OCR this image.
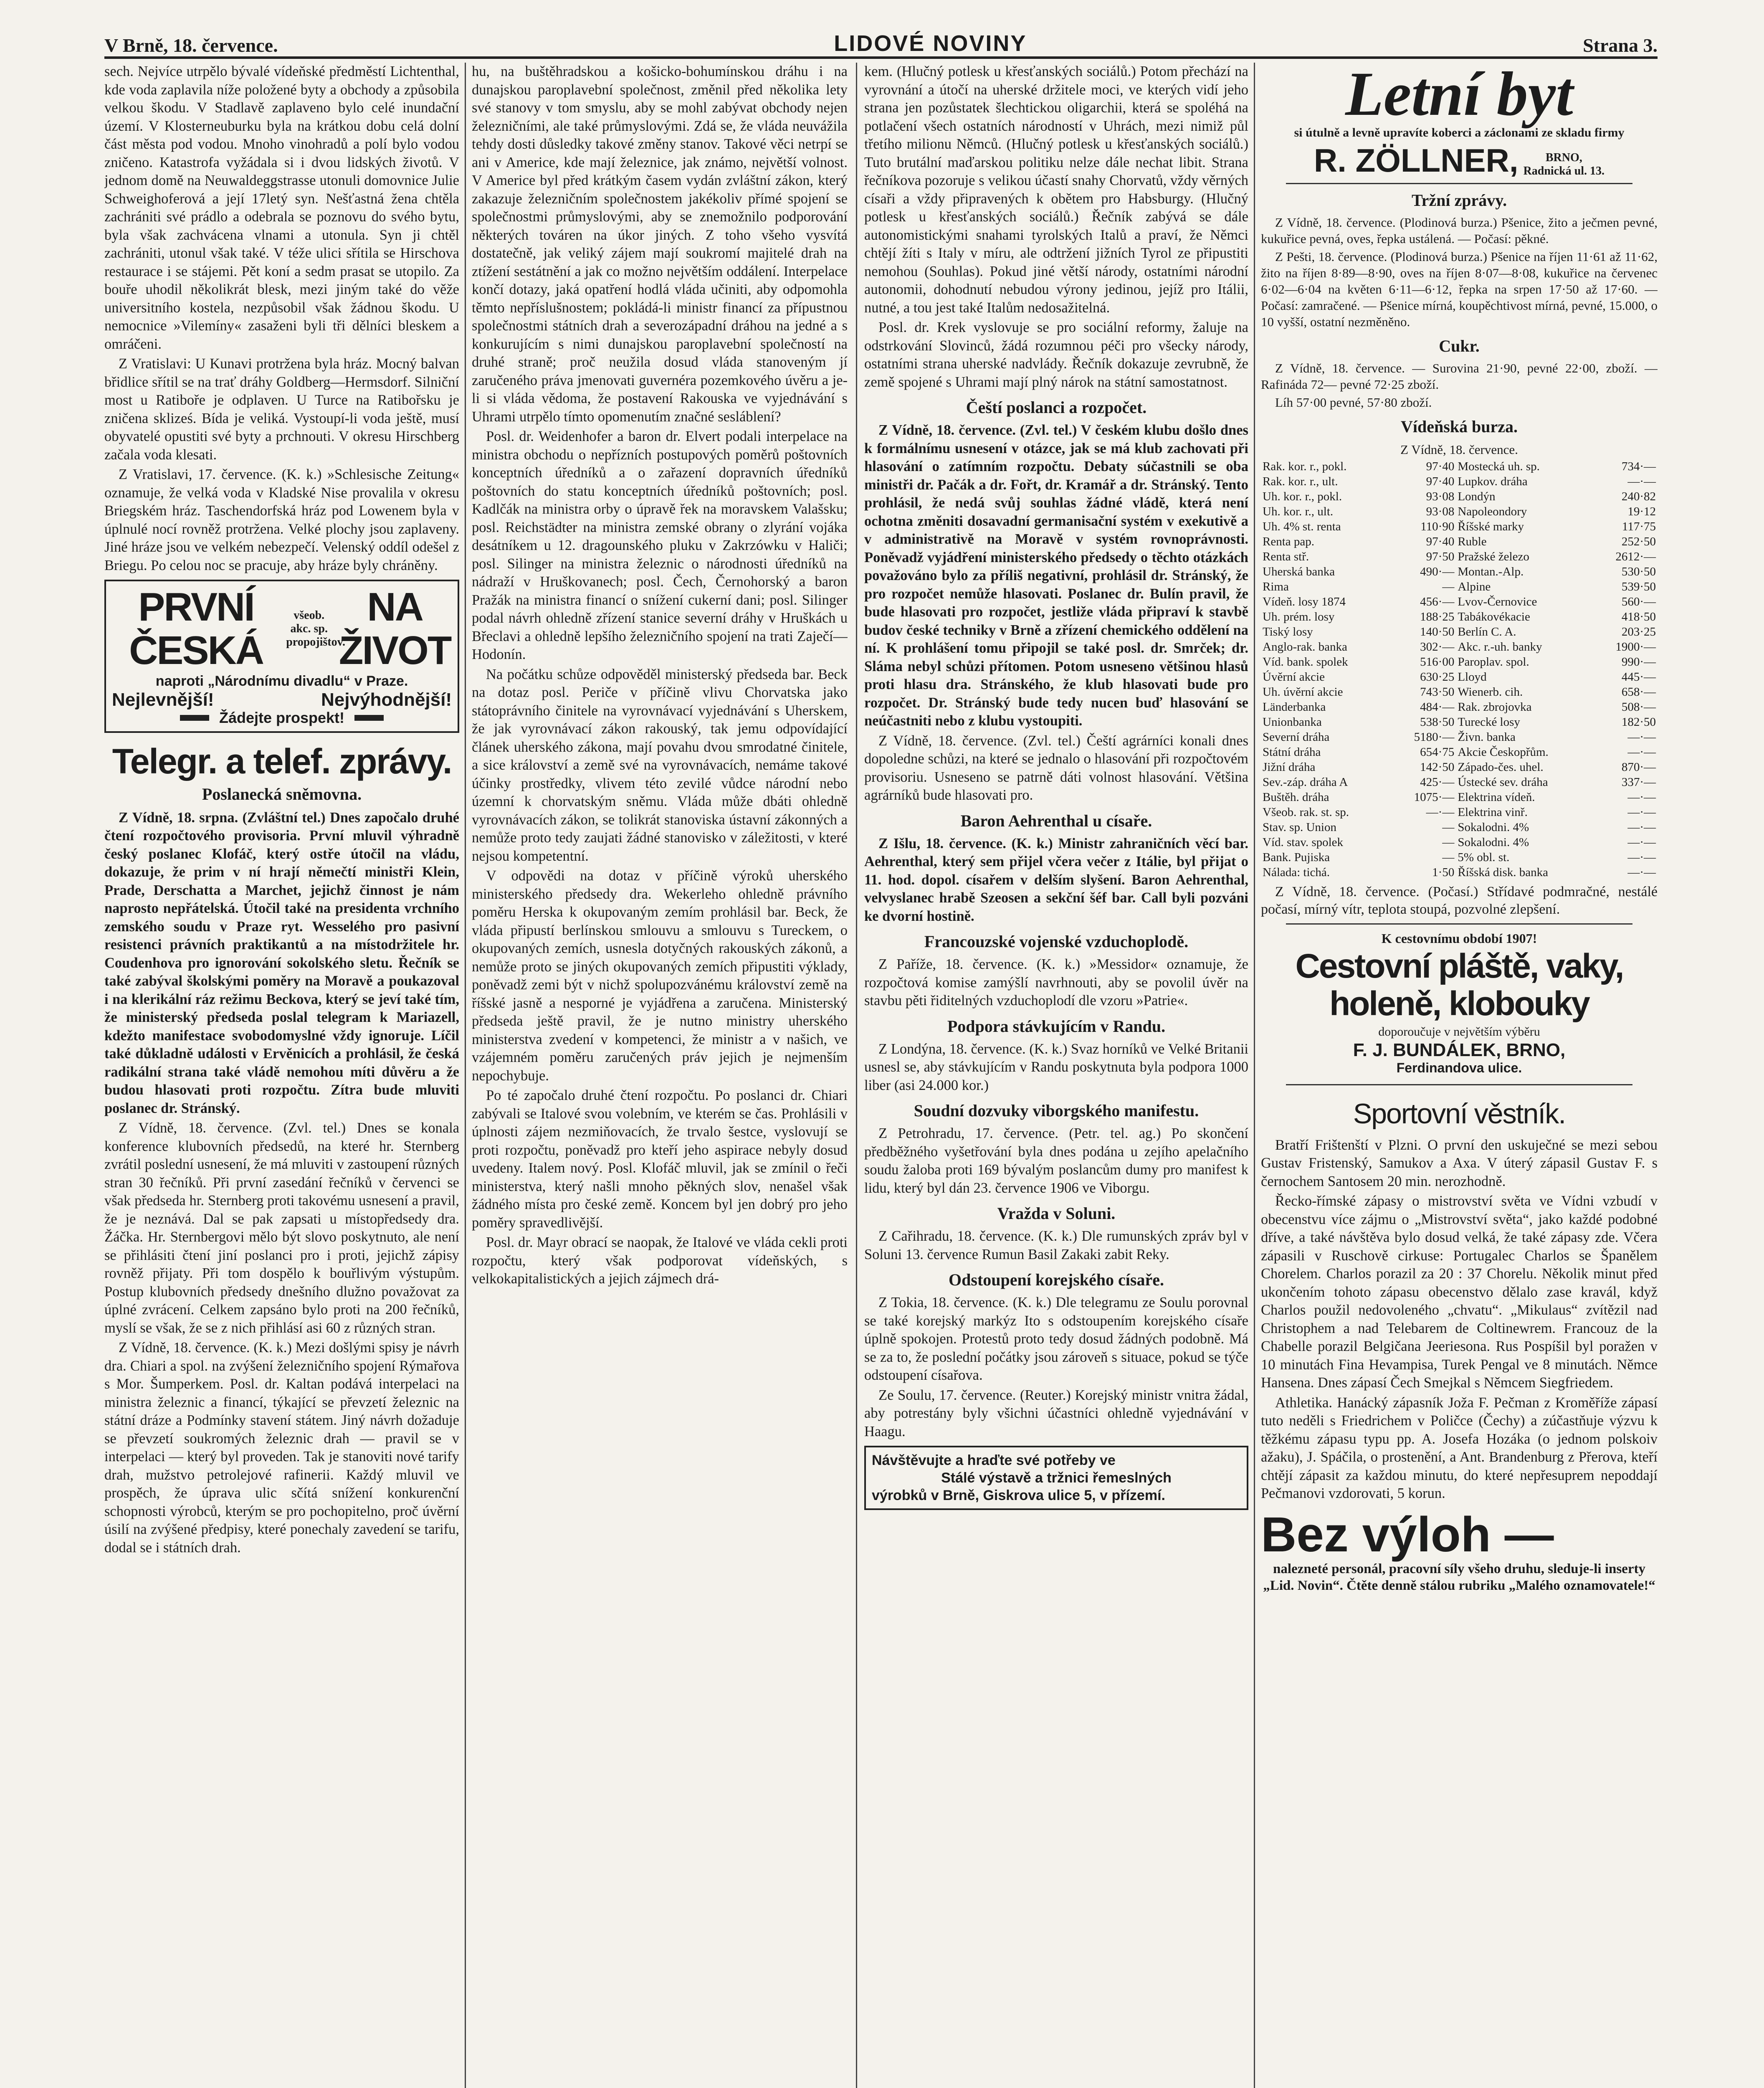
V Brně, 18. července.	LIDOVÉ NOVINY	Strana 3.

sech. Nejvíce utrpělo bývalé vídeňské předměstí Lichtenthal, kde voda zaplavila níže položené byty a obchody a způsobila velkou škodu. V Stadlavě zaplaveno bylo celé inundační území. V Klosterneuburku byla na krátkou dobu celá dolní část města pod vodou. Mnoho vinohradů a polí bylo vodou zničeno. Katastrofa vyžádala si i dvou lidských životů. V jednom domě na Neuwaldeggstrasse utonuli domovnice Julie Schweighoferová a její 17letý syn. Nešťastná žena chtěla zachrániti své prádlo a odebrala se poznovu do svého bytu, byla však zachvácena vlnami a utonula. Syn ji chtěl zachrániti, utonul však také. V téže ulici sřítila se Hirschova restaurace i se stájemi. Pět koní a sedm prasat se utopilo. Za bouře uhodil několikrát blesk, mezi jiným také do věže universitního kostela, nezpůsobil však žádnou škodu. U nemocnice »Vilemíny« zasaženi byli tři dělníci bleskem a omráčeni.

Z Vratislavi: U Kunavi protržena byla hráz. Mocný balvan břidlice sřítil se na trať dráhy Goldberg—Hermsdorf. Silniční most u Ratiboře je odplaven. U Turce na Ratibořsku je zničena skliześ. Bída je veliká. Vystoupí-li voda ještě, musí obyvatelé opustiti své byty a prchnouti. V okresu Hirschberg začala voda klesati.

Z Vratislavi, 17. července. (K. k.) »Schlesische Zeitung« oznamuje, že velká voda v Kladské Nise provalila v okresu Briegském hráz. Taschendorfská hráz pod Lowenem byla v úplnulé nocí rovněž protržena. Velké plochy jsou zaplaveny. Jiné hráze jsou ve velkém nebezpečí. Velenský oddíl odešel z Briegu. Po celou noc se pracuje, aby hráze byly chráněny.

PRVNÍ ČESKÁ
všeob. akc. sp. propojištov.
NA ŽIVOT
naproti „Národnímu divadlu“ v Praze.
Nejlevnější!	Nejvýhodnější!
Žádejte prospekt!
Telegr. a telef. zprávy.
Poslanecká sněmovna.

Z Vídně, 18. srpna. (Zvláštní tel.) Dnes započalo druhé čtení rozpočtového provisoria. První mluvil výhradně český poslanec Klofáč, který ostře útočil na vládu, dokazuje, že prim v ní hrají němečtí ministři Klein, Prade, Derschatta a Marchet, jejichž činnost je nám naprosto nepřátelská. Útočil také na presidenta vrchního zemského soudu v Praze ryt. Wesselého pro pasivní resistenci právních praktikantů a na místodržitele hr. Coudenhova pro ignorování sokolského sletu. Řečník se také zabýval školskými poměry na Moravě a poukazoval i na klerikální ráz režimu Beckova, který se jeví také tím, že ministerský předseda poslal telegram k Mariazell, kdežto manifestace svobodomyslné vždy ignoruje. Líčil také důkladně události v Ervěnicích a prohlásil, že česká radikální strana také vládě nemohou míti důvěru a že budou hlasovati proti rozpočtu. Zítra bude mluviti poslanec dr. Stránský.

Z Vídně, 18. července. (Zvl. tel.) Dnes se konala konference klubovních předsedů, na které hr. Sternberg zvrátil poslední usnesení, že má mluviti v zastoupení různých stran 30 řečníků. Při první zasedání řečníků v červenci se však předseda hr. Sternberg proti takovému usnesení a pravil, že je neznává. Dal se pak zapsati u místopředsedy dra. Žáčka. Hr. Sternbergovi mělo být slovo poskytnuto, ale není se přihlásiti čtení jiní poslanci pro i proti, jejichž zápisy rovněž přijaty. Při tom dospělo k bouřlivým výstupům. Postup klubovních předsedy dnešního dlužno považovat za úplné zvrácení. Celkem zapsáno bylo proti na 200 řečníků, myslí se však, že se z nich přihlásí asi 60 z různých stran.

Z Vídně, 18. července. (K. k.) Mezi došlými spisy je návrh dra. Chiari a spol. na zvýšení železničního spojení Rýmařova s Mor. Šumperkem. Posl. dr. Kaltan podává interpelaci na ministra železnic a financí, týkající se převzetí železnic na státní dráze a Podmínky stavení státem. Jiný návrh dožaduje se převzetí soukromých železnic drah — pravil se v interpelaci — který byl proveden. Tak je stanoviti nové tarify drah, mužstvo petrolejové rafinerii. Každý mluvil ve prospěch, že úprava ulic sčítá snížení konkurenční schopnosti výrobců, kterým se pro pochopitelno, proč úvěrní úsilí na zvýšené předpisy, které ponechaly zavedení se tarifu, dodal se i státních drah.

hu, na buštěhradskou a košicko-bohumínskou dráhu i na dunajskou paroplavební společnost, změnil před několika lety své stanovy v tom smyslu, aby se mohl zabývat obchody nejen železničními, ale také průmyslovými. Zdá se, že vláda neuvážila tehdy dosti důsledky takové změny stanov. Takové věci netrpí se ani v Americe, kde mají železnice, jak známo, největší volnost. V Americe byl před krátkým časem vydán zvláštní zákon, který zakazuje železničním společnostem jakékoliv přímé spojení se společnostmi průmyslovými, aby se znemožnilo podporování některých továren na úkor jiných. Z toho všeho vysvítá dostatečně, jak veliký zájem mají soukromí majitelé drah na ztížení sestátnění a jak co možno největším oddálení. Interpelace končí dotazy, jaká opatření hodlá vláda učiniti, aby odpomohla těmto nepříslušnostem; pokládá-li ministr financí za přípustnou společnostmi státních drah a severozápadní dráhou na jedné a s konkurujícím s nimi dunajskou paroplavební společností na druhé straně; proč neužila dosud vláda stanoveným jí zaručeného práva jmenovati guvernéra pozemkového úvěru a je-li si vláda vědoma, že postavení Rakouska ve vyjednávání s Uhrami utrpělo tímto opomenutím značné sesláblení?

Posl. dr. Weidenhofer a baron dr. Elvert podali interpelace na ministra obchodu o nepřízních postupových poměrů poštovních konceptních úředníků a o zařazení dopravních úředníků poštovních do statu konceptních úředníků poštovních; posl. Kadlčák na ministra orby o úpravě řek na moravskem Valašsku; posl. Reichstädter na ministra zemské obrany o zlyrání vojáka desátníkem u 12. dragounského pluku v Zakrzówku v Haliči; posl. Silinger na ministra železnic o národnosti úředníků na nádraží v Hruškovanech; posl. Čech, Černohorský a baron Pražák na ministra financí o snížení cukerní dani; posl. Silinger podal návrh ohledně zřízení stanice severní dráhy v Hruškách u Břeclavi a ohledně lepšího železničního spojení na trati Zaječí—Hodonín.

Na počátku schůze odpověděl ministerský předseda bar. Beck na dotaz posl. Periče v příčině vlivu Chorvatska jako státoprávního činitele na vyrovnávací vyjednávání s Uherskem, že jak vyrovnávací zákon rakouský, tak jemu odpovídající článek uherského zákona, mají povahu dvou smrodatné činitele, a sice království a země své na vyrovnávacích, nemáme takové účinky prostředky, vlivem této zevilé vůdce národní nebo územní k chorvatským sněmu. Vláda může dbáti ohledně vyrovnávacích zákon, se tolikrát stanoviska ústavní zákonných a nemůže proto tedy zaujati žádné stanovisko v záležitosti, v které nejsou kompetentní.

V odpovědi na dotaz v příčině výroků uherského ministerského předsedy dra. Wekerleho ohledně právního poměru Herska k okupovaným zemím prohlásil bar. Beck, že vláda připustí berlínskou smlouvu a smlouvu s Tureckem, o okupovaných zemích, usnesla dotyčných rakouských zákonů, a nemůže proto se jiných okupovaných zemích připustiti výklady, poněvadž zemi být v nichž spolupozvánému království země na říšské jasně a nesporné je vyjádřena a zaručena. Ministerský předseda ještě pravil, že je nutno ministry uherského ministerstva zvedení v kompetenci, že ministr a v našich, ve vzájemném poměru zaručených práv jejich je nejmenším nepochybuje.

Po té započalo druhé čtení rozpočtu. Po poslanci dr. Chiari zabývali se Italové svou volebním, ve kterém se čas. Prohlásili v úplnosti zájem nezmiňovacích, že trvalo šestce, vyslovují se proti rozpočtu, poněvadž pro kteří jeho aspirace nebyly dosud uvedeny. Italem nový. Posl. Klofáč mluvil, jak se zmínil o řeči ministerstva, který našli mnoho pěkných slov, nenašel však žádného místa pro české země. Koncem byl jen dobrý pro jeho poměry spravedlivější.

Posl. dr. Mayr obrací se naopak, že Italové ve vláda cekli proti rozpočtu, který však podporovat vídeňských, s velkokapitalistických a jejich zájmech drá-

kem. (Hlučný potlesk u křesťanských sociálů.) Potom přechází na vyrovnání a útočí na uherské držitele moci, ve kterých vidí jeho strana jen pozůstatek šlechtickou oligarchii, která se spoléhá na potlačení všech ostatních národností v Uhrách, mezi nimiž půl třetího milionu Němců. (Hlučný potlesk u křesťanských sociálů.) Tuto brutální maďarskou politiku nelze dále nechat libit. Strana řečníkova pozoruje s velikou účastí snahy Chorvatů, vždy věrných císaři a vždy připravených k obětem pro Habsburgy. (Hlučný potlesk u křesťanských sociálů.) Řečník zabývá se dále autonomistickými snahami tyrolských Italů a praví, že Němci chtějí žíti s Italy v míru, ale odtržení jižních Tyrol ze připustiti nemohou (Souhlas). Pokud jiné větší národy, ostatními národní autonomii, dohodnutí nebudou výrony jedinou, jejíž pro Itálii, nutné, a tou jest také Italům nedosažitelná.

Posl. dr. Krek vyslovuje se pro sociální reformy, žaluje na odstrkování Slovinců, žádá rozumnou péči pro všecky národy, ostatními strana uherské nadvlády. Řečník dokazuje zevrubně, že země spojené s Uhrami mají plný nárok na státní samostatnost.

Čeští poslanci a rozpočet.

Z Vídně, 18. července. (Zvl. tel.) V českém klubu došlo dnes k formálnímu usnesení v otázce, jak se má klub zachovati při hlasování o zatímním rozpočtu. Debaty súčastnili se oba ministři dr. Pačák a dr. Fořt, dr. Kramář a dr. Stránský. Tento prohlásil, že nedá svůj souhlas žádné vládě, která není ochotna změniti dosavadní germanisační systém v exekutivě a v administrativě na Moravě v systém rovnoprávnosti. Poněvadž vyjádření ministerského předsedy o těchto otázkách považováno bylo za příliš negativní, prohlásil dr. Stránský, že pro rozpočet nemůže hlasovati. Poslanec dr. Bulín pravil, že bude hlasovati pro rozpočet, jestliže vláda připraví k stavbě budov české techniky v Brně a zřízení chemického oddělení na ní. K prohlášení tomu připojil se také posl. dr. Smrček; dr. Sláma nebyl schůzi přítomen. Potom usneseno většinou hlasů proti hlasu dra. Stránského, že klub hlasovati bude pro rozpočet. Dr. Stránský bude tedy nucen buď hlasování se neúčastniti nebo z klubu vystoupiti.

Z Vídně, 18. července. (Zvl. tel.) Čeští agrárníci konali dnes dopoledne schůzi, na které se jednalo o hlasování při rozpočtovém provisoriu. Usneseno se patrně dáti volnost hlasování. Většina agrárníků bude hlasovati pro.

Baron Aehrenthal u císaře.

Z Išlu, 18. července. (K. k.) Ministr zahraničních věcí bar. Aehrenthal, který sem přijel včera večer z Itálie, byl přijat o 11. hod. dopol. císařem v delším slyšení. Baron Aehrenthal, velvyslanec hrabě Szeosen a sekční šéf bar. Call byli pozváni ke dvorní hostině.

Francouzské vojenské vzduchoplodě.

Z Paříže, 18. července. (K. k.) »Messidor« oznamuje, že rozpočtová komise zamýšlí navrhnouti, aby se povolil úvěr na stavbu pěti řiditelných vzduchoplodí dle vzoru »Patrie«.

Podpora stávkujícím v Randu.

Z Londýna, 18. července. (K. k.) Svaz horníků ve Velké Britanii usnesl se, aby stávkujícím v Randu poskytnuta byla podpora 1000 liber (asi 24.000 kor.)

Soudní dozvuky viborgského manifestu.

Z Petrohradu, 17. července. (Petr. tel. ag.) Po skončení předběžného vyšetřování byla dnes podána u zejího apelačního soudu žaloba proti 169 bývalým poslancům dumy pro manifest k lidu, který byl dán 23. července 1906 ve Viborgu.

Vražda v Soluni.

Z Cařihradu, 18. července. (K. k.) Dle rumunských zpráv byl v Soluni 13. července Rumun Basil Zakaki zabit Reky.

Odstoupení korejského císaře.

Z Tokia, 18. července. (K. k.) Dle telegramu ze Soulu porovnal se také korejský markýz Ito s odstoupením korejského císaře úplně spokojen. Protestů proto tedy dosud žádných podobně. Má se za to, že poslední počátky jsou zároveň s situace, pokud se týče odstoupení císařova.

Ze Soulu, 17. července. (Reuter.) Korejský ministr vnitra žádal, aby potrestány byly všichni účastníci ohledně vyjednávání v Haagu.

Návštěvujte a hraďte své potřeby ve
Stálé výstavě a tržnici řemeslných
výrobků v Brně, Giskrova ulice 5, v přízemí.
Letní byt
si útulně a levně upravíte koberci a záclonami ze skladu firmy
R. ZÖLLNER,	BRNO,
Radnická ul. 13.
Tržní zprávy.

Z Vídně, 18. července. (Plodinová burza.) Pšenice, žito a ječmen pevné, kukuřice pevná, oves, řepka ustálená. — Počasí: pěkné.

Z Pešti, 18. července. (Plodinová burza.) Pšenice na říjen 11·61 až 11·62, žito na říjen 8·89—8·90, oves na říjen 8·07—8·08, kukuřice na červenec 6·02—6·04 na květen 6·11—6·12, řepka na srpen 17·50 až 17·60. — Počasí: zamračené. — Pšenice mírná, koupěchtivost mírná, pevné, 15.000, o 10 vyšší, ostatní nezměněno.

Cukr.

Z Vídně, 18. července. — Surovina 21·90, pevné 22·00, zboží. — Rafináda 72— pevné 72·25 zboží.

Líh 57·00 pevné, 57·80 zboží.

Vídeňská burza.
Z Vídně, 18. července.
Rak. kor. r., pokl.	97·40	Mostecká uh. sp.	734·—
Rak. kor. r., ult.	97·40	Lupkov. dráha	—·—
Uh. kor. r., pokl.	93·08	Londýn	240·82
Uh. kor. r., ult.	93·08	Napoleondory	19·12
Uh. 4% st. renta	110·90	Říšské marky	117·75
Renta pap.	97·40	Ruble	252·50
Renta stř.	97·50	Pražské železo	2612·—
Uherská banka	490·—	Montan.-Alp.	530·50
Rima	—	Alpine	539·50
Vídeň. losy 1874	456·—	Lvov-Černovice	560·—
Uh. prém. losy	188·25	Tabákovékacie	418·50
Tiský losy	140·50	Berlín C. A.	203·25
Anglo-rak. banka	302·—	Akc. r.-uh. banky	1900·—
Víd. bank. spolek	516·00	Paroplav. spol.	990·—
Úvěrní akcie	630·25	Lloyd	445·—
Uh. úvěrní akcie	743·50	Wienerb. cih.	658·—
Länderbanka	484·—	Rak. zbrojovka	508·—
Unionbanka	538·50	Turecké losy	182·50
Severní dráha	5180·—	Živn. banka	—·—
Státní dráha	654·75	Akcie Českopřům.	—·—
Jižní dráha	142·50	Západo-čes. uhel.	870·—
Sev.-záp. dráha A	425·—	Ústecké sev. dráha	337·—
Buštěh. dráha	1075·—	Elektrina vídeň.	—·—
Všeob. rak. st. sp.	—·—	Elektrina vinř.	—·—
Stav. sp. Union	—	Sokalodni. 4%	—·—
Víd. stav. spolek	—	Sokalodni. 4%	—·—
Bank. Pujiska	—	5% obl. st.	—·—
Nálada: tichá.	1·50	Říšská disk. banka	—·—

Z Vídně, 18. července. (Počasí.) Střídavé podmračné, nestálé počasí, mírný vítr, teplota stoupá, pozvolné zlepšení.

K cestovnímu období 1907!
Cestovní pláště, vaky,
holeně, klobouky
doporoučuje v největším výběru
F. J. BUNDÁLEK, BRNO,
Ferdinandova ulice.
Sportovní věstník.

Bratří Frištenští v Plzni. O první den uskuječné se mezi sebou Gustav Fristenský, Samukov a Axa. V úterý zápasil Gustav F. s černochem Santosem 20 min. nerozhodně.

Řecko-římské zápasy o mistrovství světa ve Vídni vzbudí v obecenstvu více zájmu o „Mistrovství světa“, jako každé podobné dříve, a také návštěva bylo dosud velká, že také zápasy zde. Včera zápasili v Ruschově cirkuse: Portugalec Charlos se Španělem Chorelem. Charlos porazil za 20 : 37 Chorelu. Několik minut před ukončením tohoto zápasu obecenstvo dělalo zase kravál, když Charlos použil nedovoleného „chvatu“. „Mikulaus“ zvítězil nad Christophem a nad Telebarem de Coltinewrem. Francouz de la Chabelle porazil Belgičana Jeeriesona. Rus Pospíšil byl poražen v 10 minutách Fina Hevampisa, Turek Pengal ve 8 minutách. Němce Hansena. Dnes zápasí Čech Smejkal s Němcem Siegfriedem.

Athletika. Hanácký zápasník Joža F. Pečman z Kroměříže zápasí tuto neděli s Friedrichem v Poličce (Čechy) a zúčastňuje výzvu k těžkému zápasu typu pp. A. Josefa Hozáka (o jednom polskoiv ažaku), J. Spáčila, o prostenění, a Ant. Brandenburg z Přerova, kteří chtějí zápasit za každou minutu, do které nepřesuprem nepoddají Pečmanovi vzdorovati, 5 korun.

Bez výloh —
nalezneté personál, pracovní síly všeho druhu, sleduje-li inserty „Lid. Novin“. Čtěte denně stálou rubriku „Malého oznamovatele!“
